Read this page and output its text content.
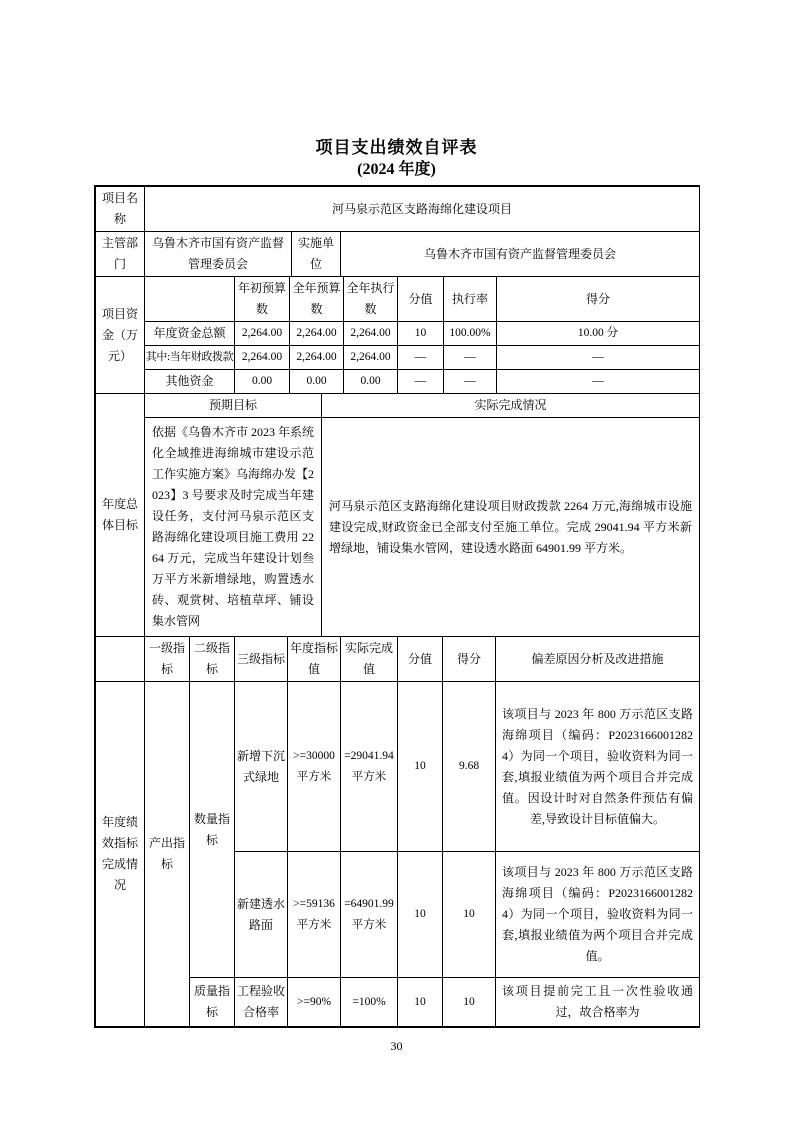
项目支出绩效自评表
(2024 年度)
项目名称	河马泉示范区支路海绵化建设项目
主管部门	乌鲁木齐市国有资产监督管理委员会	实施单位	乌鲁木齐市国有资产监督管理委员会
项目资金（万元）		年初预算数	全年预算数	全年执行数	分值	执行率	得分
	年度资金总额	2,264.00	2,264.00	2,264.00	10	100.00%	10.00 分
	其中:当年财政拨款	2,264.00	2,264.00	2,264.00	—	—	—
	其他资金	0.00	0.00	0.00	—	—	—
年度总体目标	预期目标	实际完成情况
	依据《乌鲁木齐市 2023 年系统化全域推进海绵城市建设示范工作实施方案》乌海绵办发【2023】3 号要求及时完成当年建设任务，支付河马泉示范区支路海绵化建设项目施工费用 2264 万元，完成当年建设计划叁万平方米新增绿地，购置透水砖、观赏树、培植草坪、铺设集水管网	河马泉示范区支路海绵化建设项目财政拨款 2264 万元,海绵城市设施建设完成,财政资金已全部支付至施工单位。完成 29041.94 平方米新增绿地，铺设集水管网，建设透水路面 64901.99 平方米。
	一级指标	二级指标	三级指标	年度指标值	实际完成值	分值	得分	偏差原因分析及改进措施
年度绩效指标完成情况	产出指标	数量指标	新增下沉式绿地	>=30000 平方米	=29041.94 平方米	10	9.68	该项目与 2023 年 800 万示范区支路海绵项目（编码：P20231660012824）为同一个项目，验收资料为同一套,填报业绩值为两个项目合并完成值。因设计时对自然条件预估有偏差,导致设计目标值偏大。
			新建透水路面	>=59136 平方米	=64901.99 平方米	10	10	该项目与 2023 年 800 万示范区支路海绵项目（编码：P20231660012824）为同一个项目，验收资料为同一套,填报业绩值为两个项目合并完成值。
		质量指标	工程验收合格率	>=90%	=100%	10	10	该项目提前完工且一次性验收通过，故合格率为
30
